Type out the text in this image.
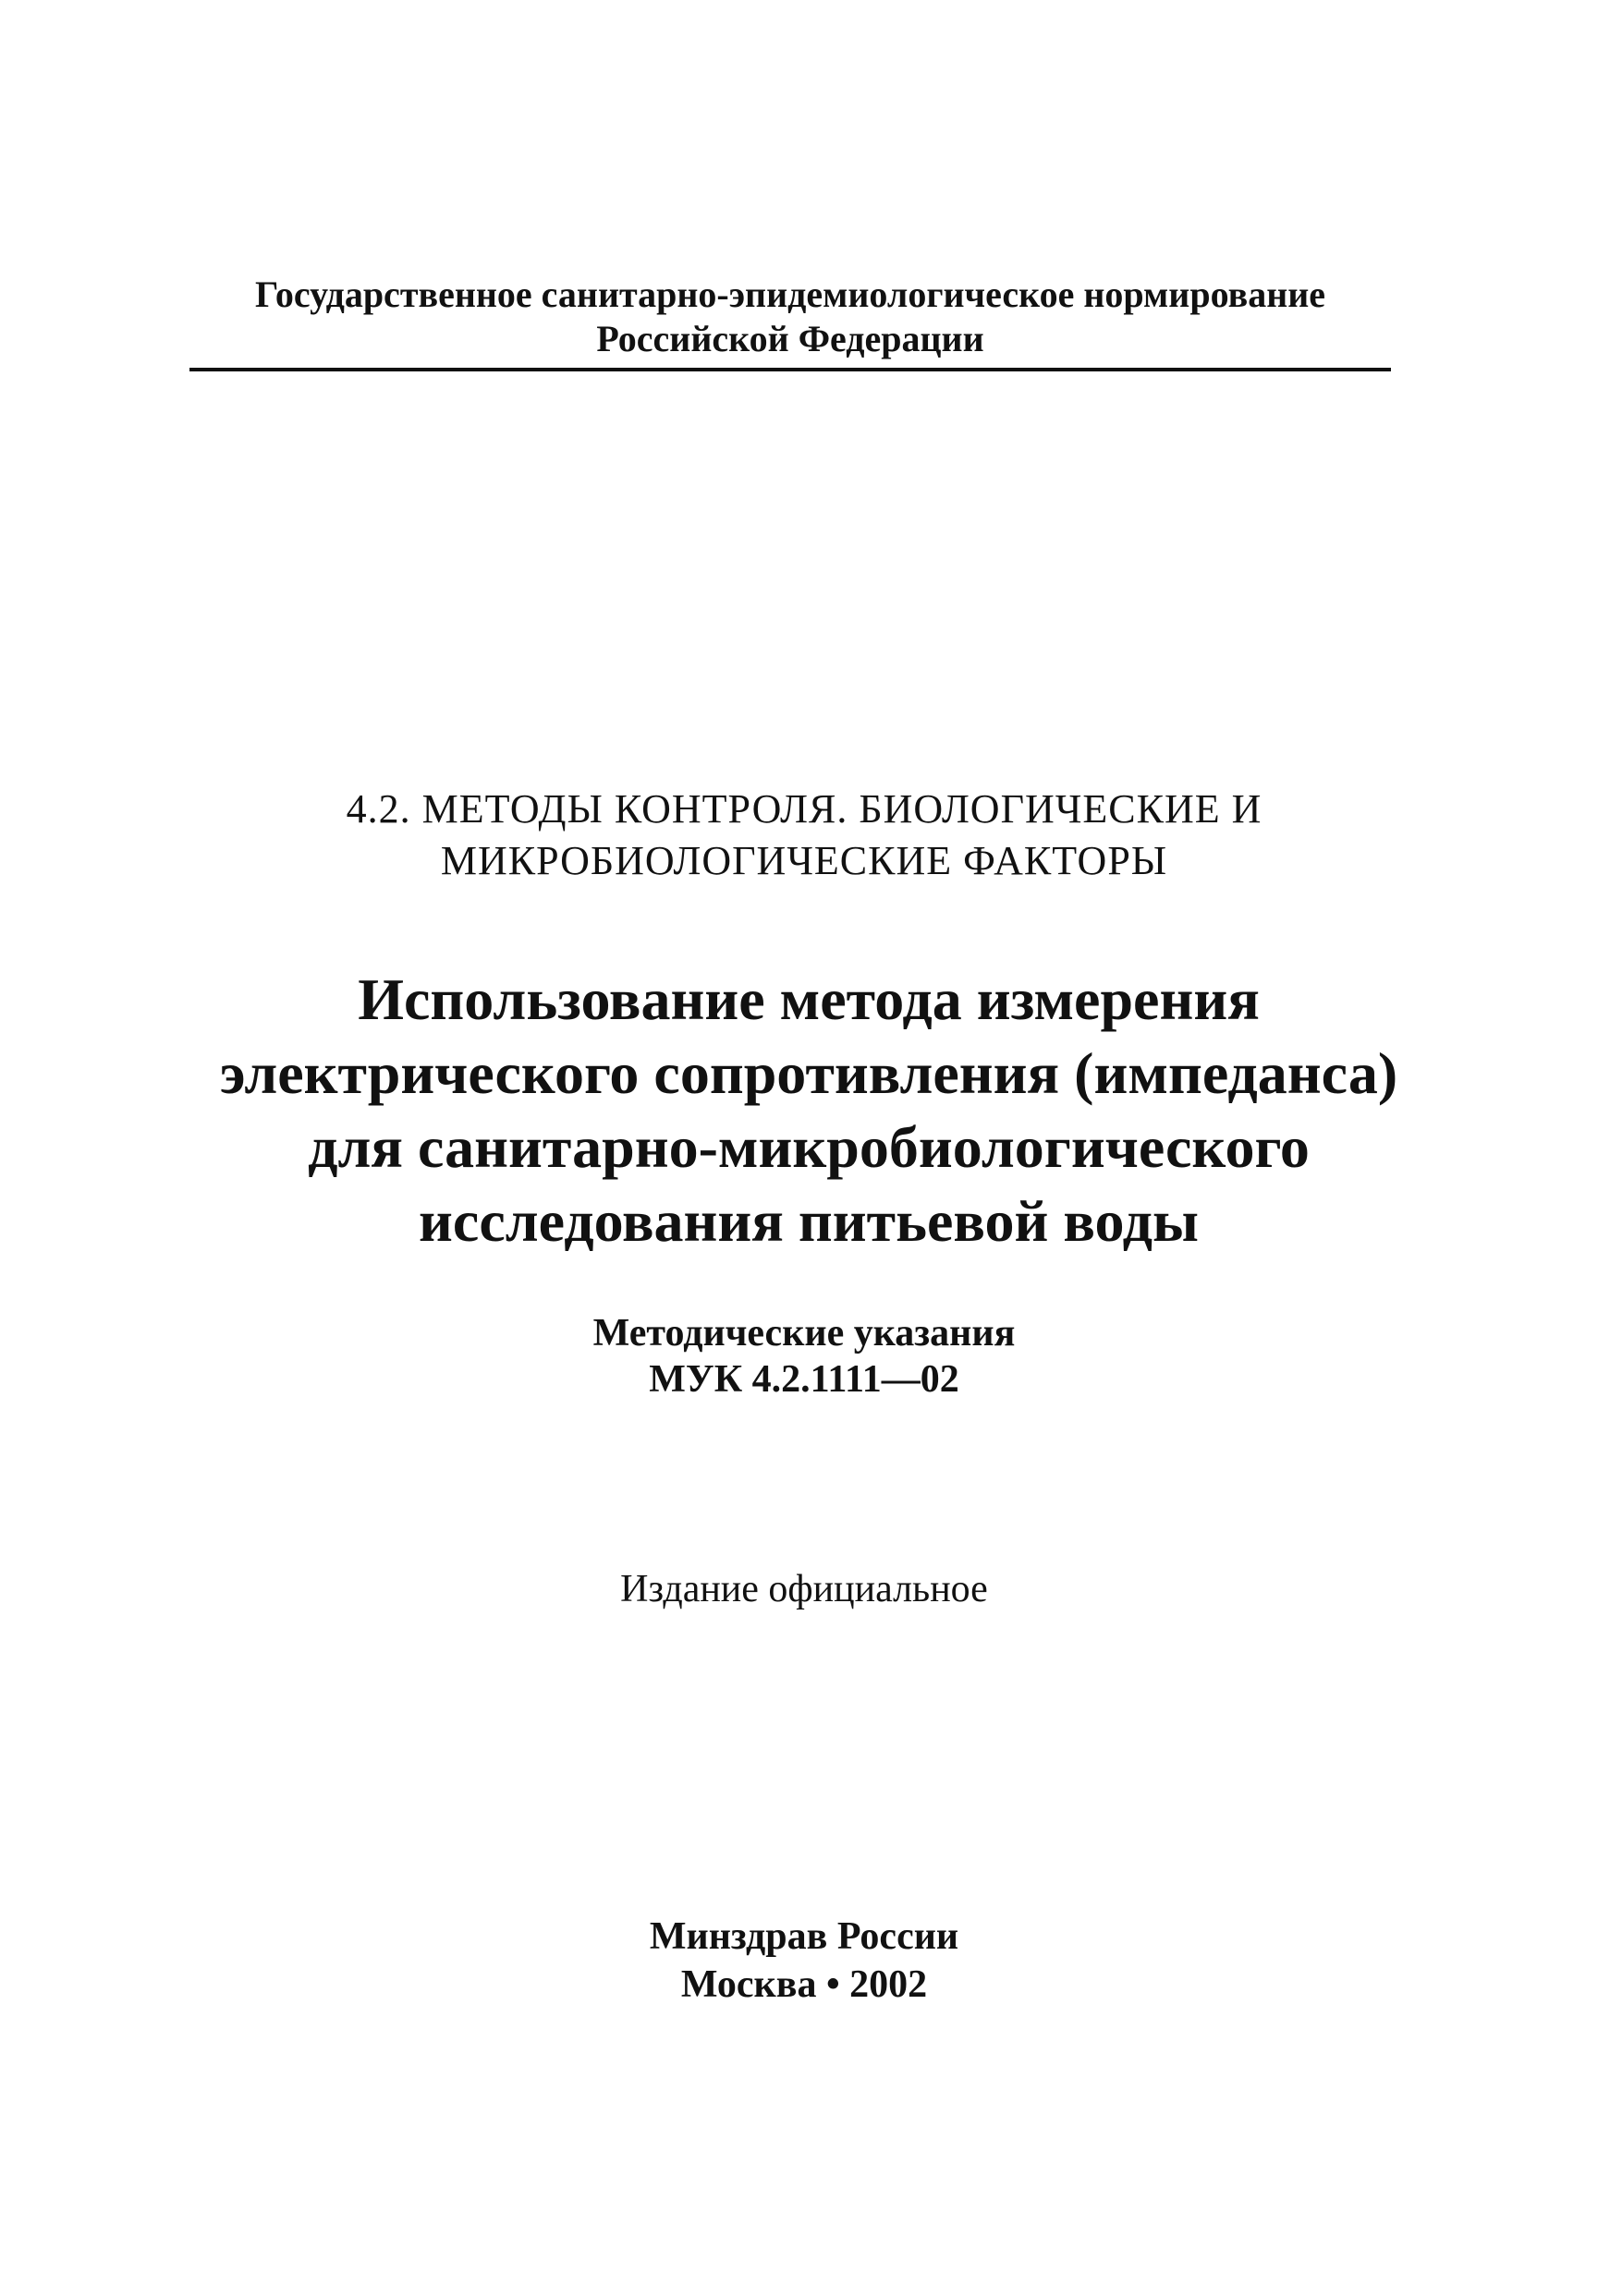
Государственное санитарно-эпидемиологическое нормирование
Российской Федерации
4.2. МЕТОДЫ КОНТРОЛЯ. БИОЛОГИЧЕСКИЕ И
МИКРОБИОЛОГИЧЕСКИЕ ФАКТОРЫ
Использование метода измерения
электрического сопротивления (импеданса)
для санитарно-микробиологического
исследования питьевой воды
Методические указания
МУК 4.2.1111—02
Издание официальное
Минздрав России
Москва • 2002
